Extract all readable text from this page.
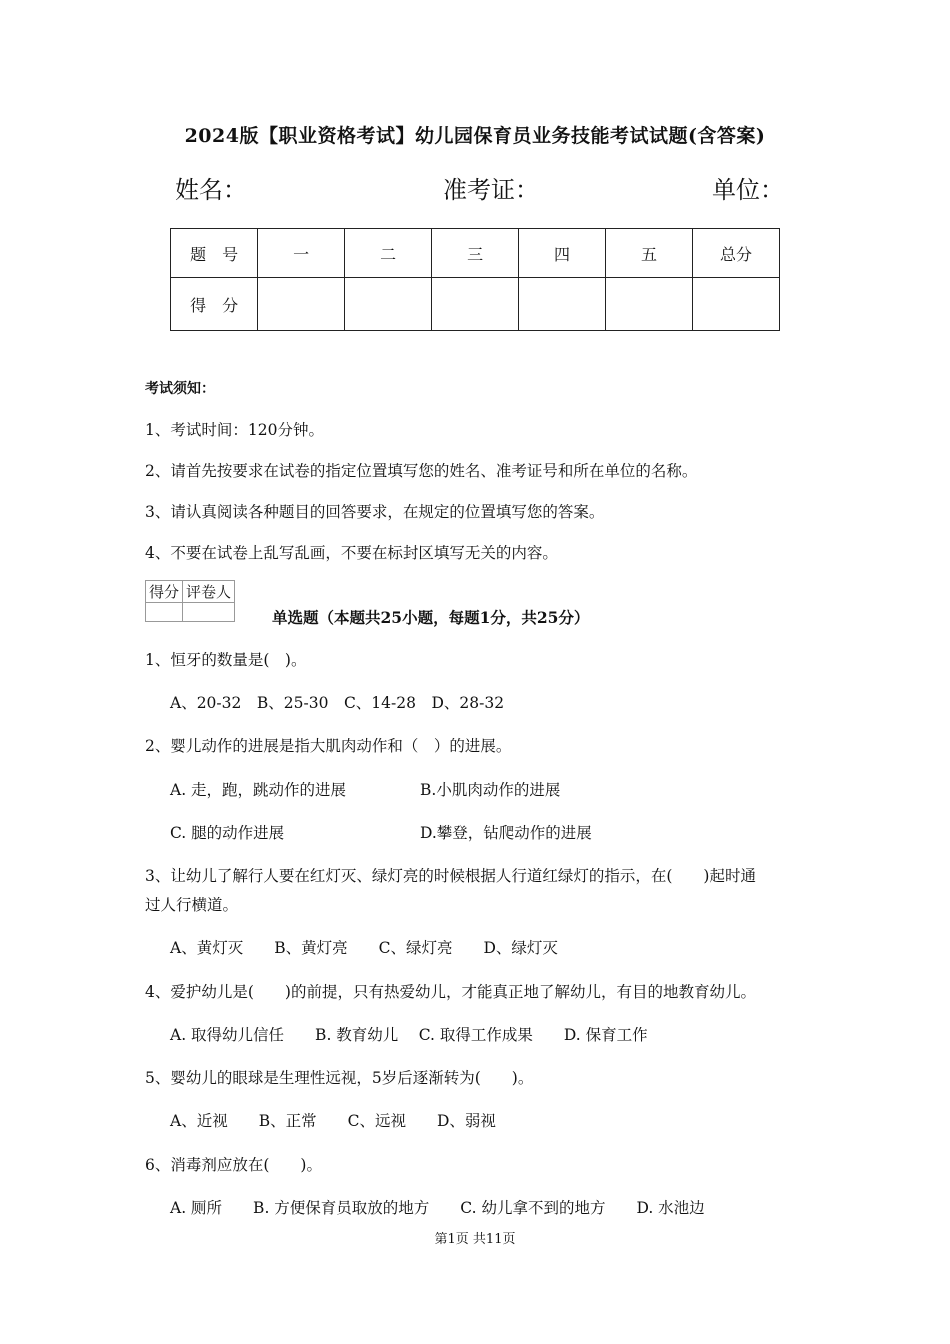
2024版【职业资格考试】幼儿园保育员业务技能考试试题(含答案)
姓名：	准考证：	单位：
题　号	一	二	三	四	五	总分
得　分						
考试须知：
1、考试时间：120分钟。
2、请首先按要求在试卷的指定位置填写您的姓名、准考证号和所在单位的名称。
3、请认真阅读各种题目的回答要求，在规定的位置填写您的答案。
4、不要在试卷上乱写乱画，不要在标封区填写无关的内容。
得分	评卷人

单选题（本题共25小题，每题1分，共25分）
1、恒牙的数量是(　)。
A、20-32　B、25-30　C、14-28　D、28-32
2、婴儿动作的进展是指大肌肉动作和（　）的进展。
A. 走，跑，跳动作的进展	B.小肌肉动作的进展
C. 腿的动作进展	D.攀登，钻爬动作的进展
3、让幼儿了解行人要在红灯灭、绿灯亮的时候根据人行道红绿灯的指示，在(　　)起时通
过人行横道。
A、黄灯灭　　B、黄灯亮　　C、绿灯亮　　D、绿灯灭
4、爱护幼儿是(　　)的前提，只有热爱幼儿，才能真正地了解幼儿，有目的地教育幼儿。
A. 取得幼儿信任　　B. 教育幼儿　 C. 取得工作成果　　D. 保育工作
5、婴幼儿的眼球是生理性远视，5岁后逐渐转为(　　)。
A、近视　　B、正常　　C、远视　　D、弱视
6、消毒剂应放在(　　)。
A. 厕所　　B. 方便保育员取放的地方　　C. 幼儿拿不到的地方　　D. 水池边
第1页 共11页
